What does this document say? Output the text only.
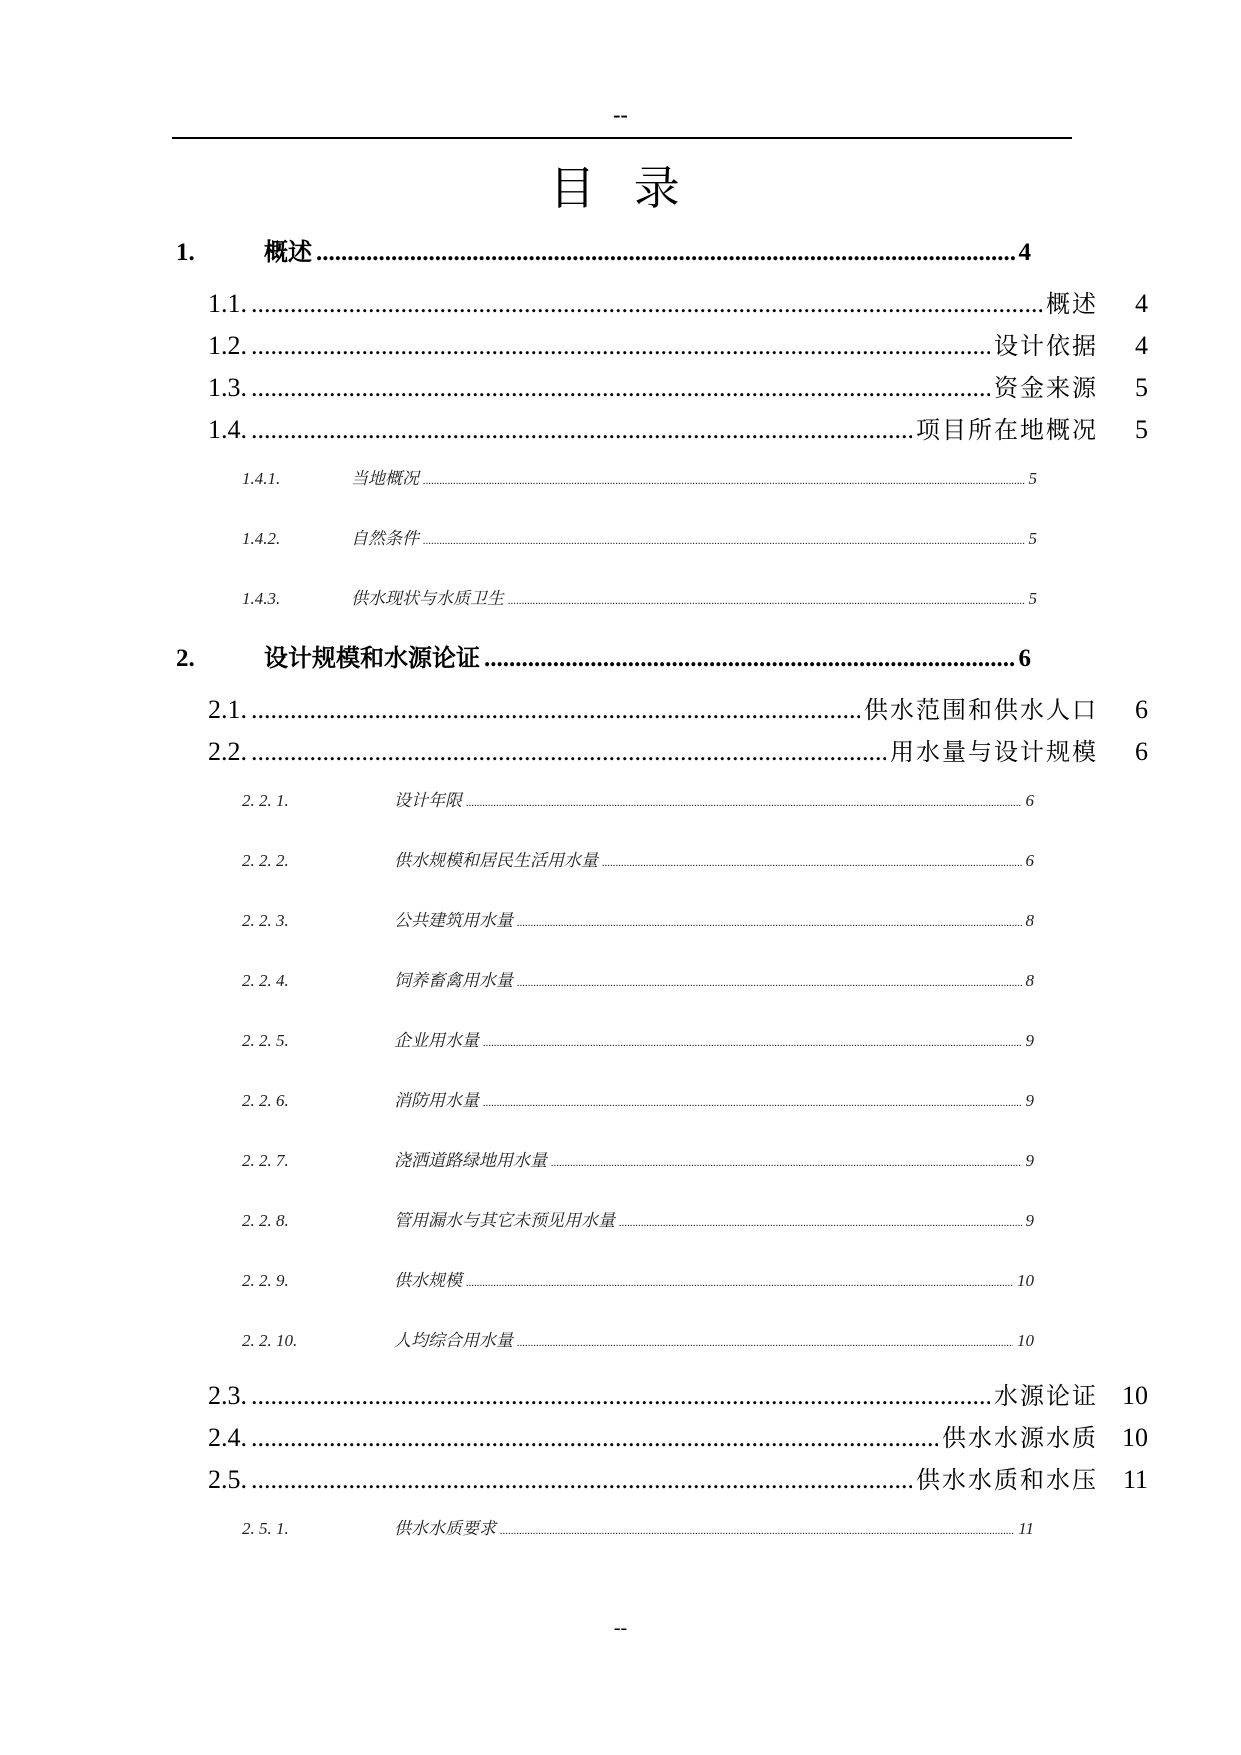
--
目 录
1.	概述 .....	4
1.1. .....	概述	4
1.2. .....	设计依据	4
1.3. .....	资金来源	5
1.4. .....	项目所在地概况	5
1.4.1.	当地概况 .....	5
1.4.2.	自然条件 .....	5
1.4.3.	供水现状与水质卫生 .....	5
2.	设计规模和水源论证 .....	6
2.1. .....	供水范围和供水人口	6
2.2. .....	用水量与设计规模	6
2. 2. 1.	设计年限 .....	6
2. 2. 2.	供水规模和居民生活用水量 .....	6
2. 2. 3.	公共建筑用水量 .....	8
2. 2. 4.	饲养畜禽用水量 .....	8
2. 2. 5.	企业用水量 .....	9
2. 2. 6.	消防用水量 .....	9
2. 2. 7.	浇洒道路绿地用水量 .....	9
2. 2. 8.	管用漏水与其它未预见用水量 .....	9
2. 2. 9.	供水规模 .....	10
2. 2. 10.	人均综合用水量 .....	10
2.3. .....	水源论证 10
2.4. .....	供水水源水质 10
2.5. .....	供水水质和水压 11
2. 5. 1.	供水水质要求 .....	11
--
